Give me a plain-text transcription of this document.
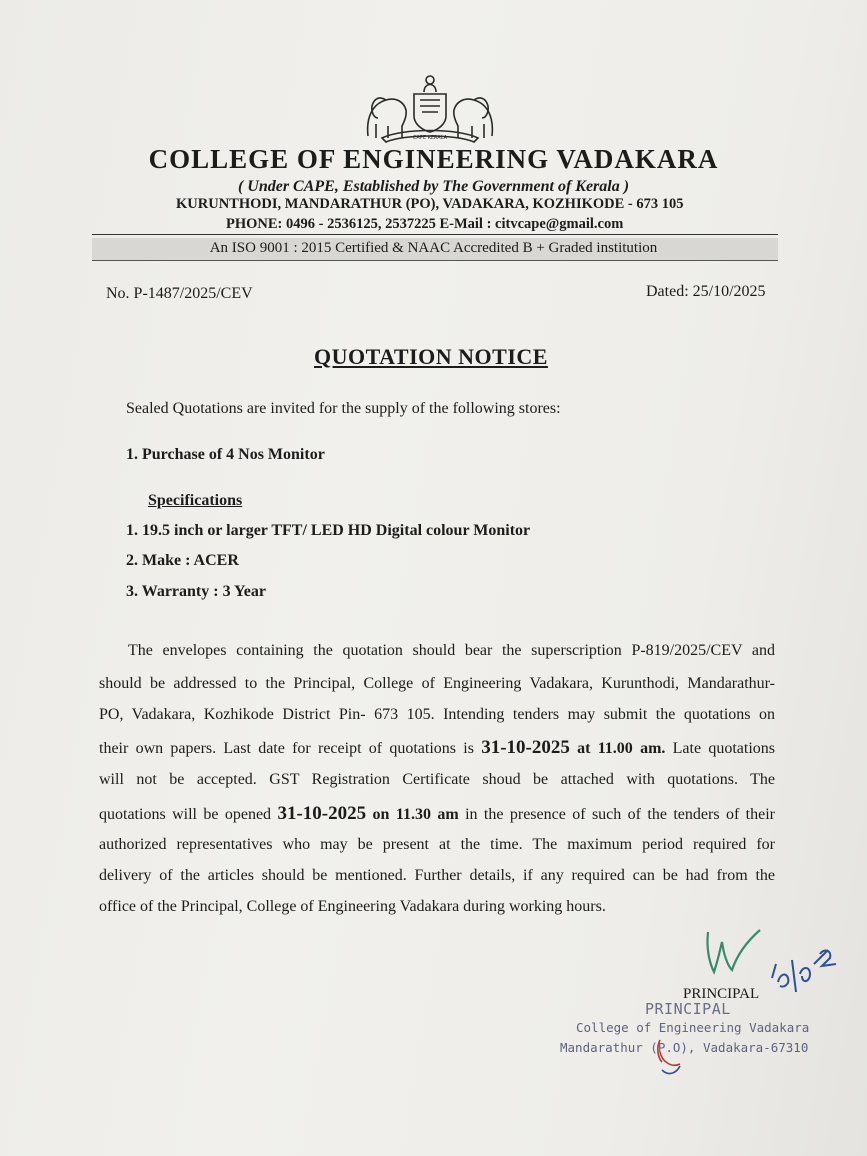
CAPE KERALA
COLLEGE OF ENGINEERING VADAKARA
( Under CAPE, Established by The Government of Kerala )
KURUNTHODI, MANDARATHUR (PO), VADAKARA, KOZHIKODE - 673 105
PHONE: 0496 - 2536125, 2537225 E-Mail : citvcape@gmail.com
An ISO 9001 : 2015 Certified & NAAC Accredited B + Graded institution
No. P-1487/2025/CEV	Dated: 25/10/2025
QUOTATION NOTICE
Sealed Quotations are invited for the supply of the following stores:
1. Purchase of 4 Nos Monitor
Specifications
1. 19.5 inch or larger TFT/ LED HD Digital colour Monitor
2. Make : ACER
3. Warranty : 3 Year
The envelopes containing the quotation should bear the superscription P-819/2025/CEV and
should be addressed to the Principal, College of Engineering Vadakara, Kurunthodi, Mandarathur-
PO, Vadakara, Kozhikode District Pin- 673 105. Intending tenders may submit the quotations on
their own papers. Last date for receipt of quotations is 31-10-2025 at 11.00 am. Late quotations
will not be accepted. GST Registration Certificate shoud be attached with quotations. The
quotations will be opened 31-10-2025 on 11.30 am in the presence of such of the tenders of their
authorized representatives who may be present at the time. The maximum period required for
delivery of the articles should be mentioned. Further details, if any required can be had from the
office of the Principal, College of Engineering Vadakara during working hours.
PRINCIPAL
PRINCIPAL
College of Engineering Vadakara
Mandarathur (P.O), Vadakara-67310
